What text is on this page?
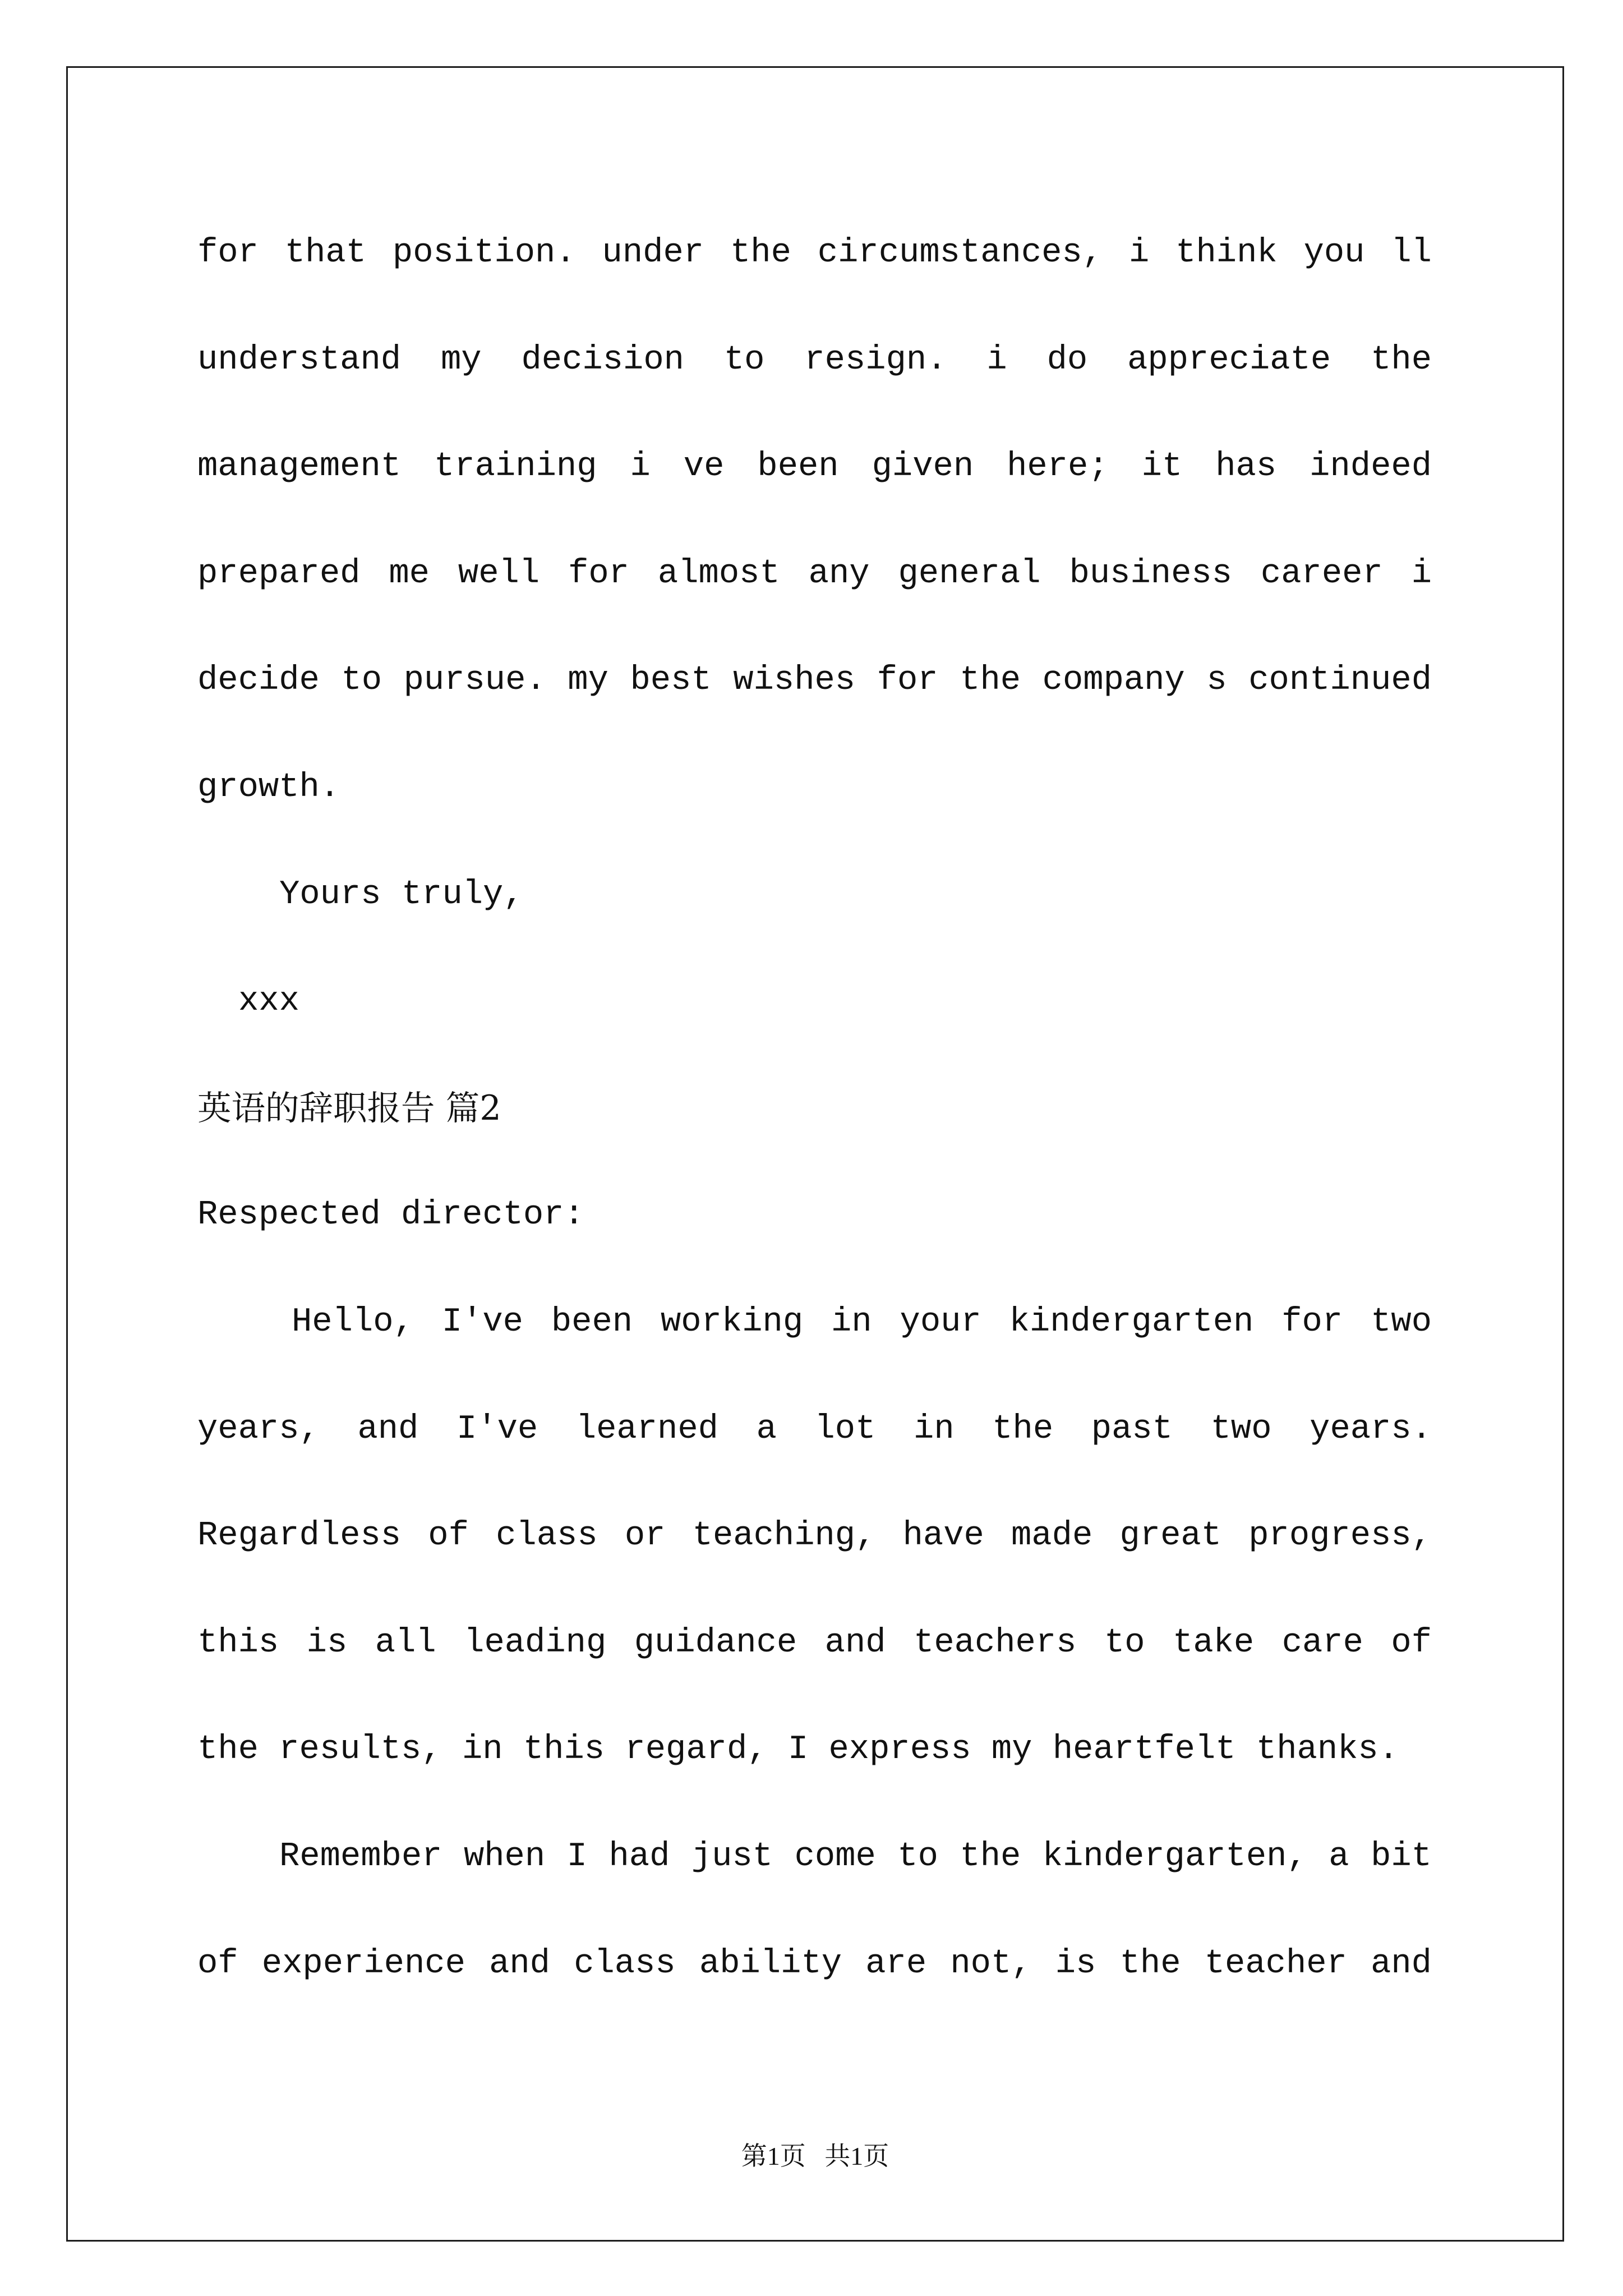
for that position. under the circumstances, i think you ll
understand my decision to resign. i do appreciate the
management training i ve been given here; it has indeed
prepared me well for almost any general business career i
decide to pursue. my best wishes for the company s continued
growth.
Yours truly,
xxx
英语的辞职报告 篇2
Respected director:
Hello, I've been working in your kindergarten for two
years, and I've learned a lot in the past two years.
Regardless of class or teaching, have made great progress,
this is all leading guidance and teachers to take care of
the results, in this regard, I express my heartfelt thanks.
Remember when I had just come to the kindergarten, a bit
of experience and class ability are not, is the teacher and
第1页 共1页
